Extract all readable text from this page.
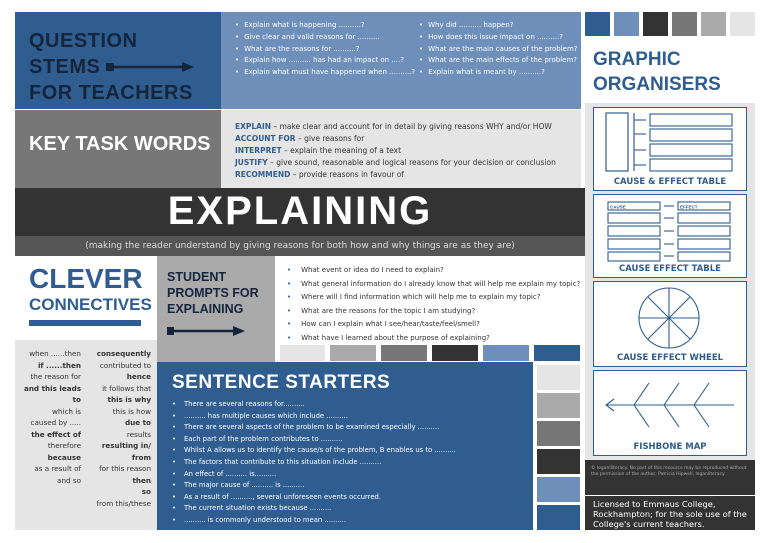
QUESTION
STEMS
FOR TEACHERS
• Explain what is happening ..........?
• Give clear and valid reasons for ..........
• What are the reasons for ..........?
• Explain how .......... has had an impact on ....?
• Explain what must have happened when ..........?
• Why did .......... happen?
• How does this issue impact on ..........?
• What are the main causes of the problem?
• What are the main effects of the problem?
• Explain what is meant by ..........?
KEY TASK WORDS
EXPLAIN – make clear and account for in detail by giving reasons WHY and/or HOW
ACCOUNT FOR – give reasons for
INTERPRET – explain the meaning of a text
JUSTIFY – give sound, reasonable and logical reasons for your decision or conclusion
RECOMMEND – provide reasons in favour of
EXPLAINING
(making the reader understand by giving reasons for both how and why things are as they are)
CLEVER
CONNECTIVES
when ......then
if ......then
the reason for
and this leads
to
which is
caused by .....
the effect of
therefore
because
as a result of
and so
consequently
contributed to
hence
it follows that
this is why
this is how
due to
results
resulting in/
from
for this reason
then
so
from this/these
STUDENT
PROMPTS FOR
EXPLAINING
• What event or idea do I need to explain?
• What general information do I already know that will help me explain my topic?
• Where will I find information which will help me to explain my topic?
• What are the reasons for the topic I am studying?
• How can I explain what I see/hear/taste/feel/smell?
• What have I learned about the purpose of explaining?
SENTENCE STARTERS
• There are several reasons for..........
• .......... has multiple causes which include ..........
• There are several aspects of the problem to be examined especially ..........
• Each part of the problem contributes to ..........
• Whilst A allows us to identify the cause/s of the problem, B enables us to ..........
• The factors that contribute to this situation include ..........
• An effect of .......... is..........
• The major cause of .......... is ..........
• As a result of .........., several unforeseen events occurred.
• The current situation exists because ..........
• .......... is commonly understood to mean ..........
GRAPHIC
ORGANISERS
CAUSE & EFFECT TABLE
CAUSE	EFFECT
CAUSE EFFECT TABLE
CAUSE EFFECT WHEEL
FISHBONE MAP
© loganlliteracy. No part of this resource may be reproduced without the permission of the author, Patricia Hipwell, loganliteracy.
Licensed to Emmaus College, Rockhampton; for the sole use of the College's current teachers.
